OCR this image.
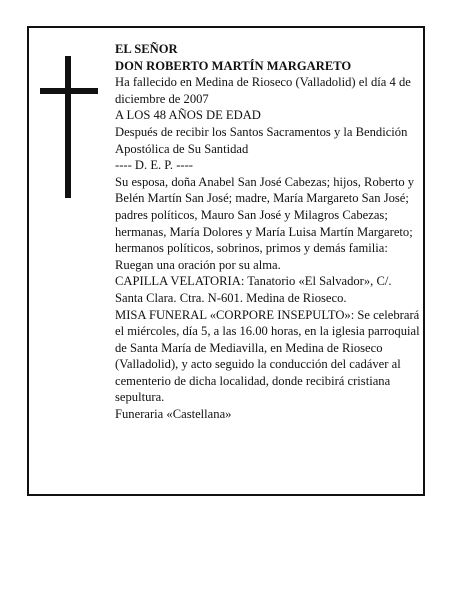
EL SEÑOR

DON ROBERTO MARTÍN MARGARETO

Ha fallecido en Medina de Rioseco (Valladolid) el día 4 de diciembre de 2007

A LOS 48 AÑOS DE EDAD

Después de recibir los Santos Sacramentos y la Bendición Apostólica de Su Santidad

---- D. E. P. ----

Su esposa, doña Anabel San José Cabezas; hijos, Roberto y Belén Martín San José; madre, María Margareto San José; padres políticos, Mauro San José y Milagros Cabezas; hermanas, María Dolores y María Luisa Martín Margareto; hermanos políticos, sobrinos, primos y demás familia:

Ruegan una oración por su alma.

CAPILLA VELATORIA: Tanatorio «El Salvador», C/. Santa Clara. Ctra. N-601. Medina de Rioseco.

MISA FUNERAL «CORPORE INSEPULTO»: Se celebrará el miércoles, día 5, a las 16.00 horas, en la iglesia parroquial de Santa María de Mediavilla, en Medina de Rioseco (Valladolid), y acto seguido la conducción del cadáver al cementerio de dicha localidad, donde recibirá cristiana sepultura.

Funeraria «Castellana»
